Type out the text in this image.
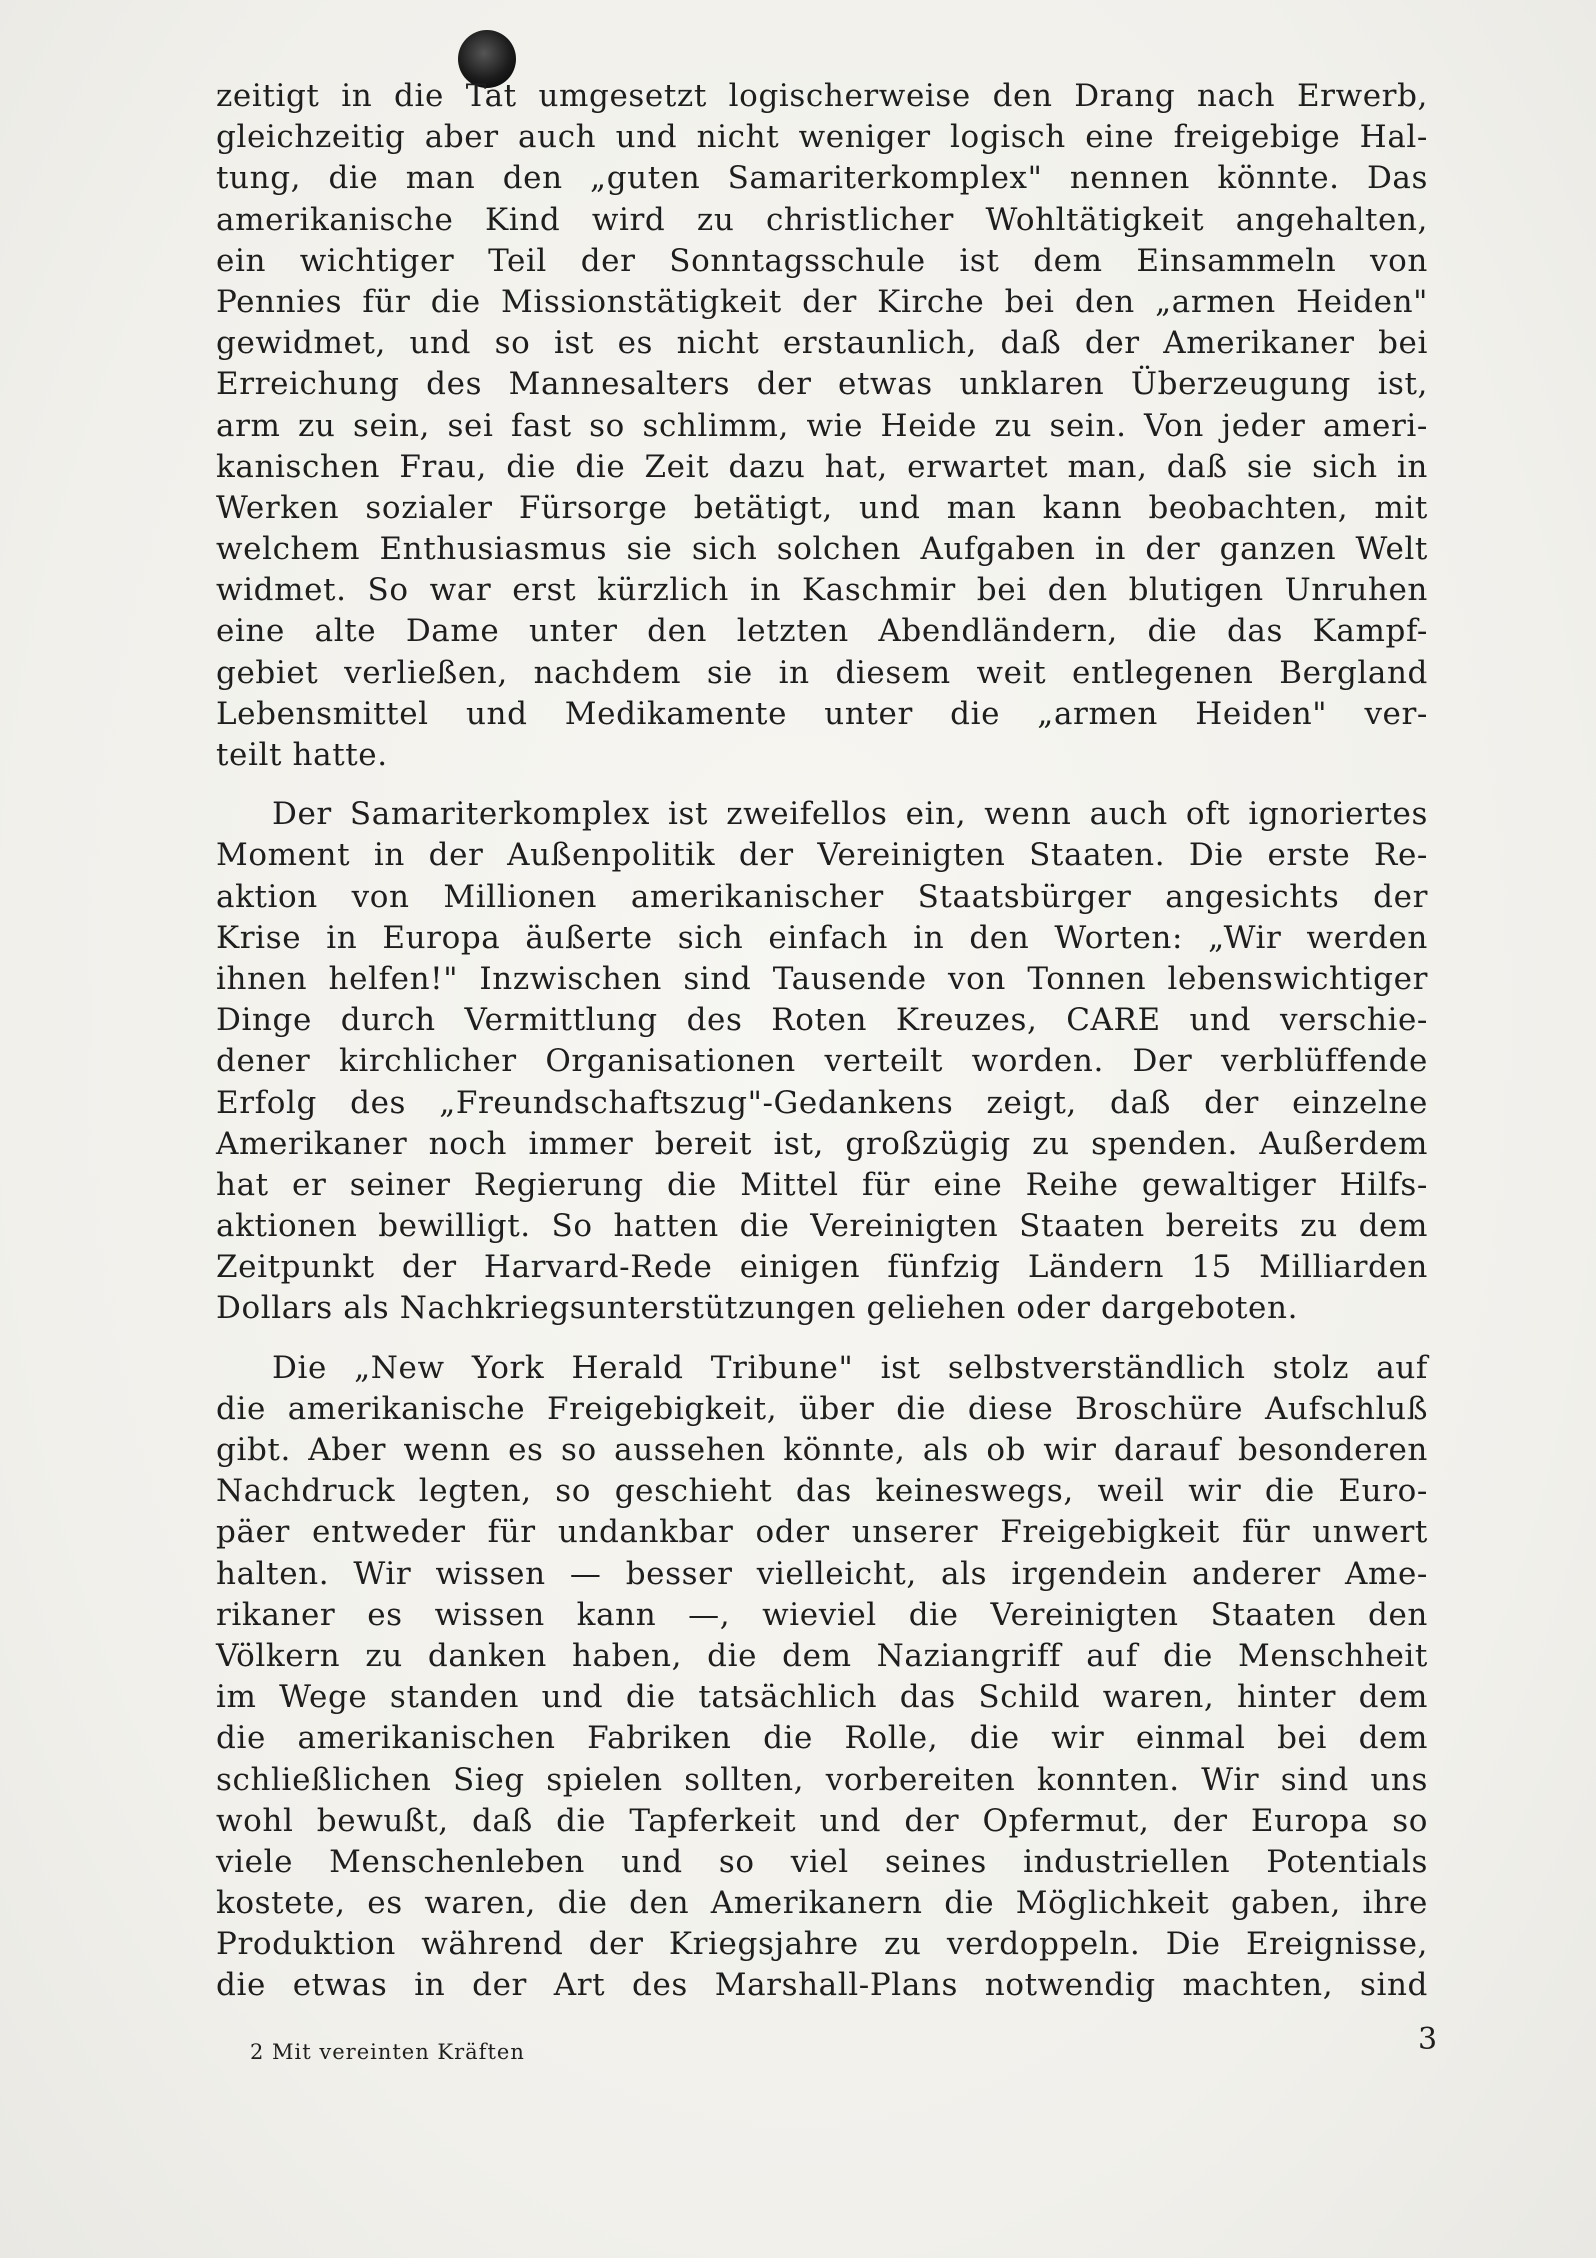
zeitigt in die Tat umgesetzt logischerweise den Drang nach Erwerb,
gleichzeitig aber auch und nicht weniger logisch eine freigebige Hal-
tung, die man den „guten Samariterkomplex" nennen könnte. Das
amerikanische Kind wird zu christlicher Wohltätigkeit angehalten,
ein wichtiger Teil der Sonntagsschule ist dem Einsammeln von
Pennies für die Missionstätigkeit der Kirche bei den „armen Heiden"
gewidmet, und so ist es nicht erstaunlich, daß der Amerikaner bei
Erreichung des Mannesalters der etwas unklaren Überzeugung ist,
arm zu sein, sei fast so schlimm, wie Heide zu sein. Von jeder ameri-
kanischen Frau, die die Zeit dazu hat, erwartet man, daß sie sich in
Werken sozialer Fürsorge betätigt, und man kann beobachten, mit
welchem Enthusiasmus sie sich solchen Aufgaben in der ganzen Welt
widmet. So war erst kürzlich in Kaschmir bei den blutigen Unruhen
eine alte Dame unter den letzten Abendländern, die das Kampf-
gebiet verließen, nachdem sie in diesem weit entlegenen Bergland
Lebensmittel und Medikamente unter die „armen Heiden" ver-
teilt hatte.
Der Samariterkomplex ist zweifellos ein, wenn auch oft ignoriertes
Moment in der Außenpolitik der Vereinigten Staaten. Die erste Re-
aktion von Millionen amerikanischer Staatsbürger angesichts der
Krise in Europa äußerte sich einfach in den Worten: „Wir werden
ihnen helfen!" Inzwischen sind Tausende von Tonnen lebenswichtiger
Dinge durch Vermittlung des Roten Kreuzes, CARE und verschie-
dener kirchlicher Organisationen verteilt worden. Der verblüffende
Erfolg des „Freundschaftszug"-Gedankens zeigt, daß der einzelne
Amerikaner noch immer bereit ist, großzügig zu spenden. Außerdem
hat er seiner Regierung die Mittel für eine Reihe gewaltiger Hilfs-
aktionen bewilligt. So hatten die Vereinigten Staaten bereits zu dem
Zeitpunkt der Harvard-Rede einigen fünfzig Ländern 15 Milliarden
Dollars als Nachkriegsunterstützungen geliehen oder dargeboten.
Die „New York Herald Tribune" ist selbstverständlich stolz auf
die amerikanische Freigebigkeit, über die diese Broschüre Aufschluß
gibt. Aber wenn es so aussehen könnte, als ob wir darauf besonderen
Nachdruck legten, so geschieht das keineswegs, weil wir die Euro-
päer entweder für undankbar oder unserer Freigebigkeit für unwert
halten. Wir wissen — besser vielleicht, als irgendein anderer Ame-
rikaner es wissen kann —, wieviel die Vereinigten Staaten den
Völkern zu danken haben, die dem Naziangriff auf die Menschheit
im Wege standen und die tatsächlich das Schild waren, hinter dem
die amerikanischen Fabriken die Rolle, die wir einmal bei dem
schließlichen Sieg spielen sollten, vorbereiten konnten. Wir sind uns
wohl bewußt, daß die Tapferkeit und der Opfermut, der Europa so
viele Menschenleben und so viel seines industriellen Potentials
kostete, es waren, die den Amerikanern die Möglichkeit gaben, ihre
Produktion während der Kriegsjahre zu verdoppeln. Die Ereignisse,
die etwas in der Art des Marshall-Plans notwendig machten, sind
2 Mit vereinten Kräften	3
